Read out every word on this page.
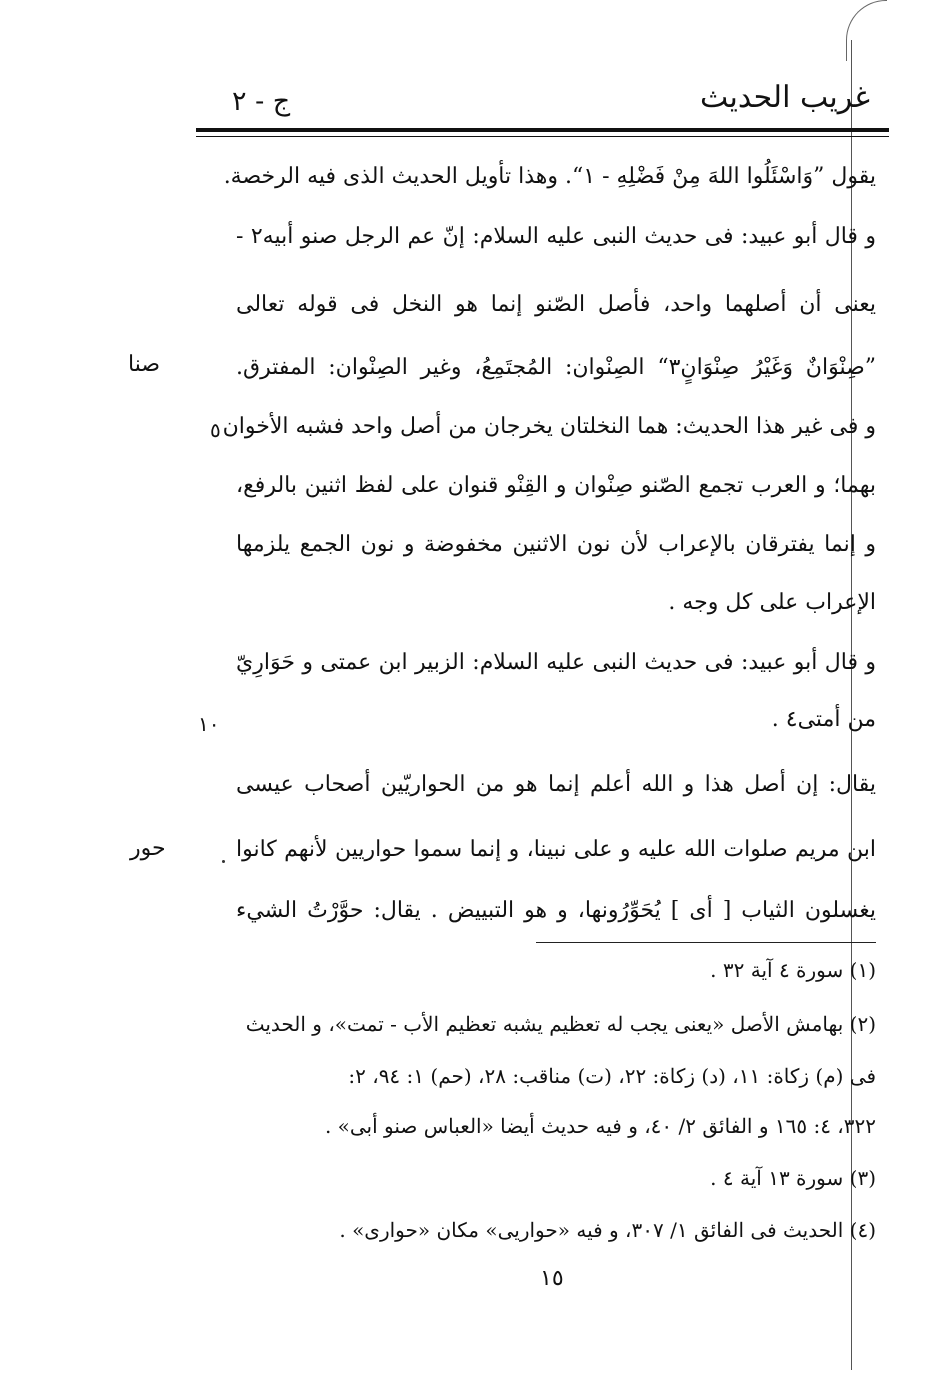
غريب الحديث
ج - ٢
يقول ”وَاسْئَلُوا اللهَ مِنْ فَضْلِهِ - ١“. وهذا تأويل الحديث الذى فيه الرخصة.
و قال أبو عبيد: فى حديث النبى عليه السلام: إنّ عم الرجل صنو أبيه٢ -
يعنى أن أصلهما واحد، فأصل الصّنو إنما هو النخل فى قوله تعالى
”صِنْوَانٌ وَغَيْرُ صِنْوَانٍ٣“ الصِنْوان: المُجتَمِعُ، وغير الصِنْوان: المفترق.
و فى غير هذا الحديث: هما النخلتان يخرجان من أصل واحد فشبه الأخوان
بهما؛ و العرب تجمع الصّنو صِنْوان و القِنْو قنوان على لفظ اثنين بالرفع،
و إنما يفترقان بالإعراب لأن نون الاثنين مخفوضة و نون الجمع يلزمها
الإعراب على كل وجه .
و قال أبو عبيد: فى حديث النبى عليه السلام: الزبير ابن عمتى و حَوَارِيّ
من أمتى٤ .
يقال: إن أصل هذا و الله أعلم إنما هو من الحواريّين أصحاب عيسى
ابن مريم صلوات الله عليه و على نبينا، و إنما سموا حواريين لأنهم كانوا
يغسلون الثياب [ أى ] يُحَوِّرُونها، و هو التبييض . يقال: حوَّرْتُ الشيء
صنا
حور
٥
١٠
(١) سورة ٤ آية ٣٢ .
(٢) بهامش الأصل «يعنى يجب له تعظيم يشبه تعظيم الأب - تمت»، و الحديث
فى (م) زكاة: ١١، (د) زكاة: ٢٢، (ت) مناقب: ٢٨، (حم) ١: ٩٤، ٢:
٣٢٢، ٤: ١٦٥ و الفائق ٢/ ٤٠، و فيه حديث أيضا «العباس صنو أبى» .
(٣) سورة ١٣ آية ٤ .
(٤) الحديث فى الفائق ١/ ٣٠٧، و فيه «حواريى» مكان «حوارى» .
١٥
